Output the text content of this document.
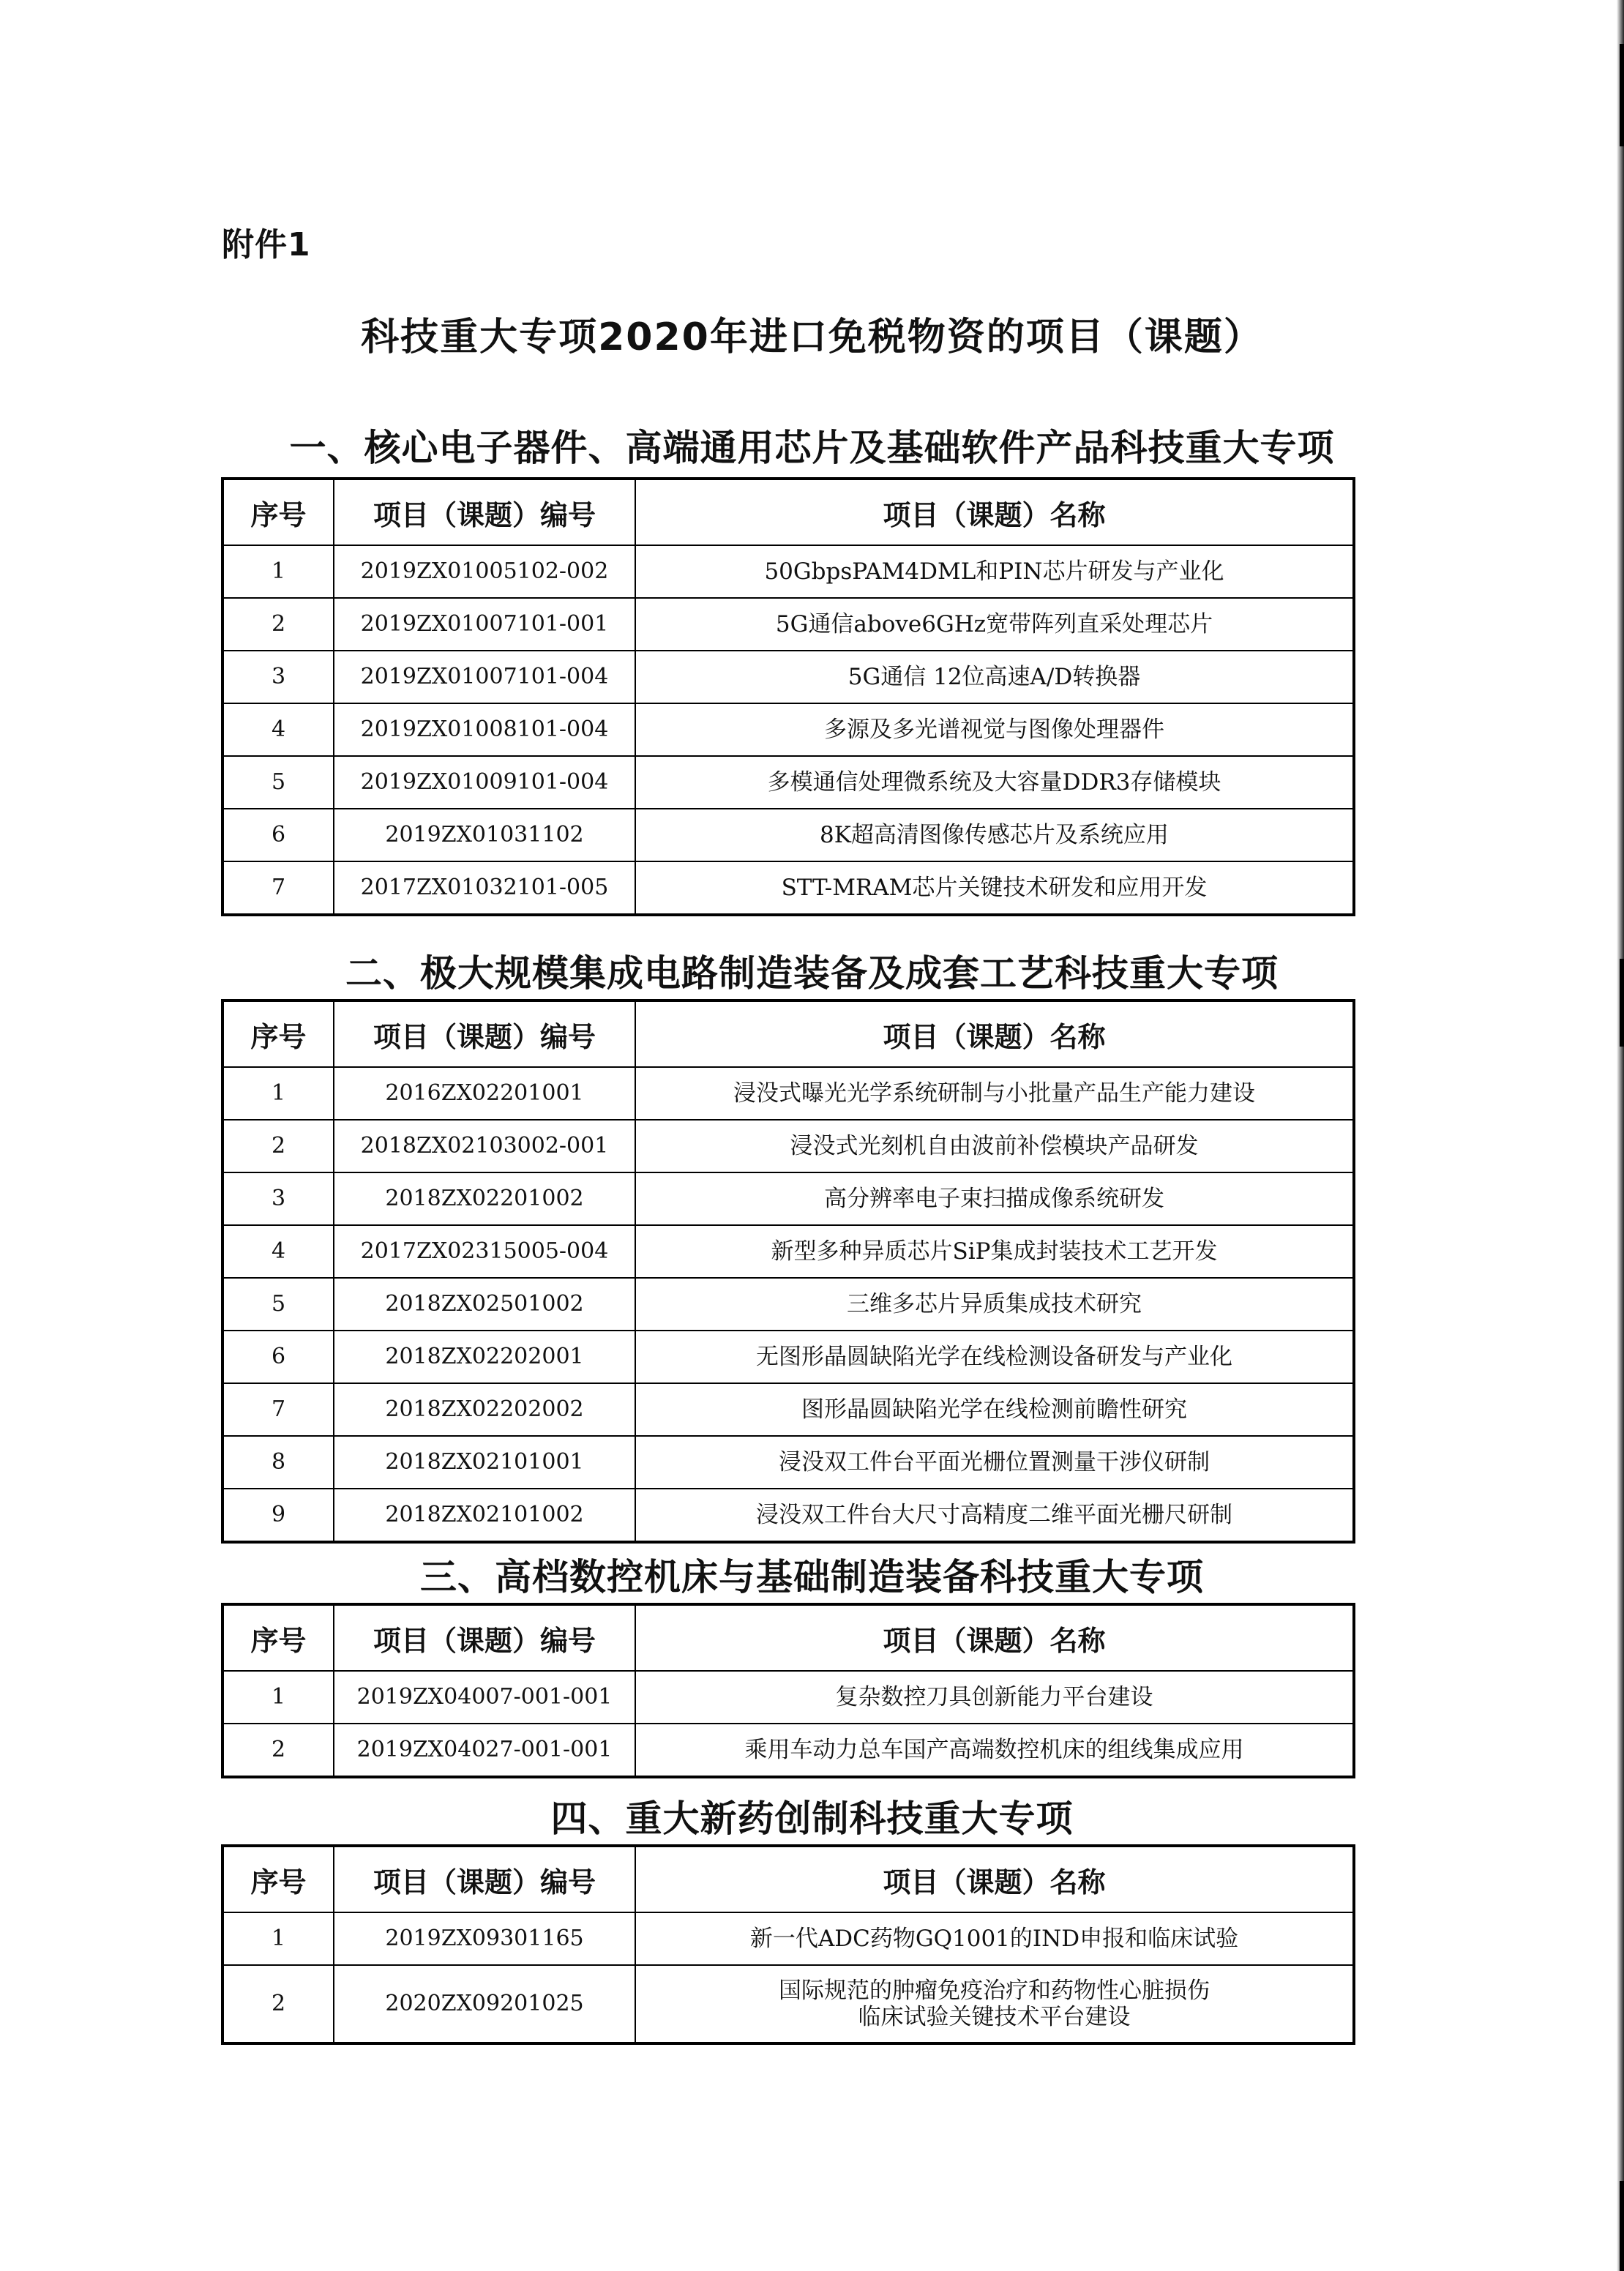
附件1
科技重大专项2020年进口免税物资的项目（课题）
一、核心电子器件、高端通用芯片及基础软件产品科技重大专项
序号	项目（课题）编号	项目（课题）名称
1	2019ZX01005102-002	50GbpsPAM4DML和PIN芯片研发与产业化
2	2019ZX01007101-001	5G通信above6GHz宽带阵列直采处理芯片
3	2019ZX01007101-004	5G通信 12位高速A/D转换器
4	2019ZX01008101-004	多源及多光谱视觉与图像处理器件
5	2019ZX01009101-004	多模通信处理微系统及大容量DDR3存储模块
6	2019ZX01031102	8K超高清图像传感芯片及系统应用
7	2017ZX01032101-005	STT-MRAM芯片关键技术研发和应用开发
二、极大规模集成电路制造装备及成套工艺科技重大专项
序号	项目（课题）编号	项目（课题）名称
1	2016ZX02201001	浸没式曝光光学系统研制与小批量产品生产能力建设
2	2018ZX02103002-001	浸没式光刻机自由波前补偿模块产品研发
3	2018ZX02201002	高分辨率电子束扫描成像系统研发
4	2017ZX02315005-004	新型多种异质芯片SiP集成封装技术工艺开发
5	2018ZX02501002	三维多芯片异质集成技术研究
6	2018ZX02202001	无图形晶圆缺陷光学在线检测设备研发与产业化
7	2018ZX02202002	图形晶圆缺陷光学在线检测前瞻性研究
8	2018ZX02101001	浸没双工件台平面光栅位置测量干涉仪研制
9	2018ZX02101002	浸没双工件台大尺寸高精度二维平面光栅尺研制
三、高档数控机床与基础制造装备科技重大专项
序号	项目（课题）编号	项目（课题）名称
1	2019ZX04007-001-001	复杂数控刀具创新能力平台建设
2	2019ZX04027-001-001	乘用车动力总车国产高端数控机床的组线集成应用
四、重大新药创制科技重大专项
序号	项目（课题）编号	项目（课题）名称
1	2019ZX09301165	新一代ADC药物GQ1001的IND申报和临床试验
2	2020ZX09201025	国际规范的肿瘤免疫治疗和药物性心脏损伤
临床试验关键技术平台建设
